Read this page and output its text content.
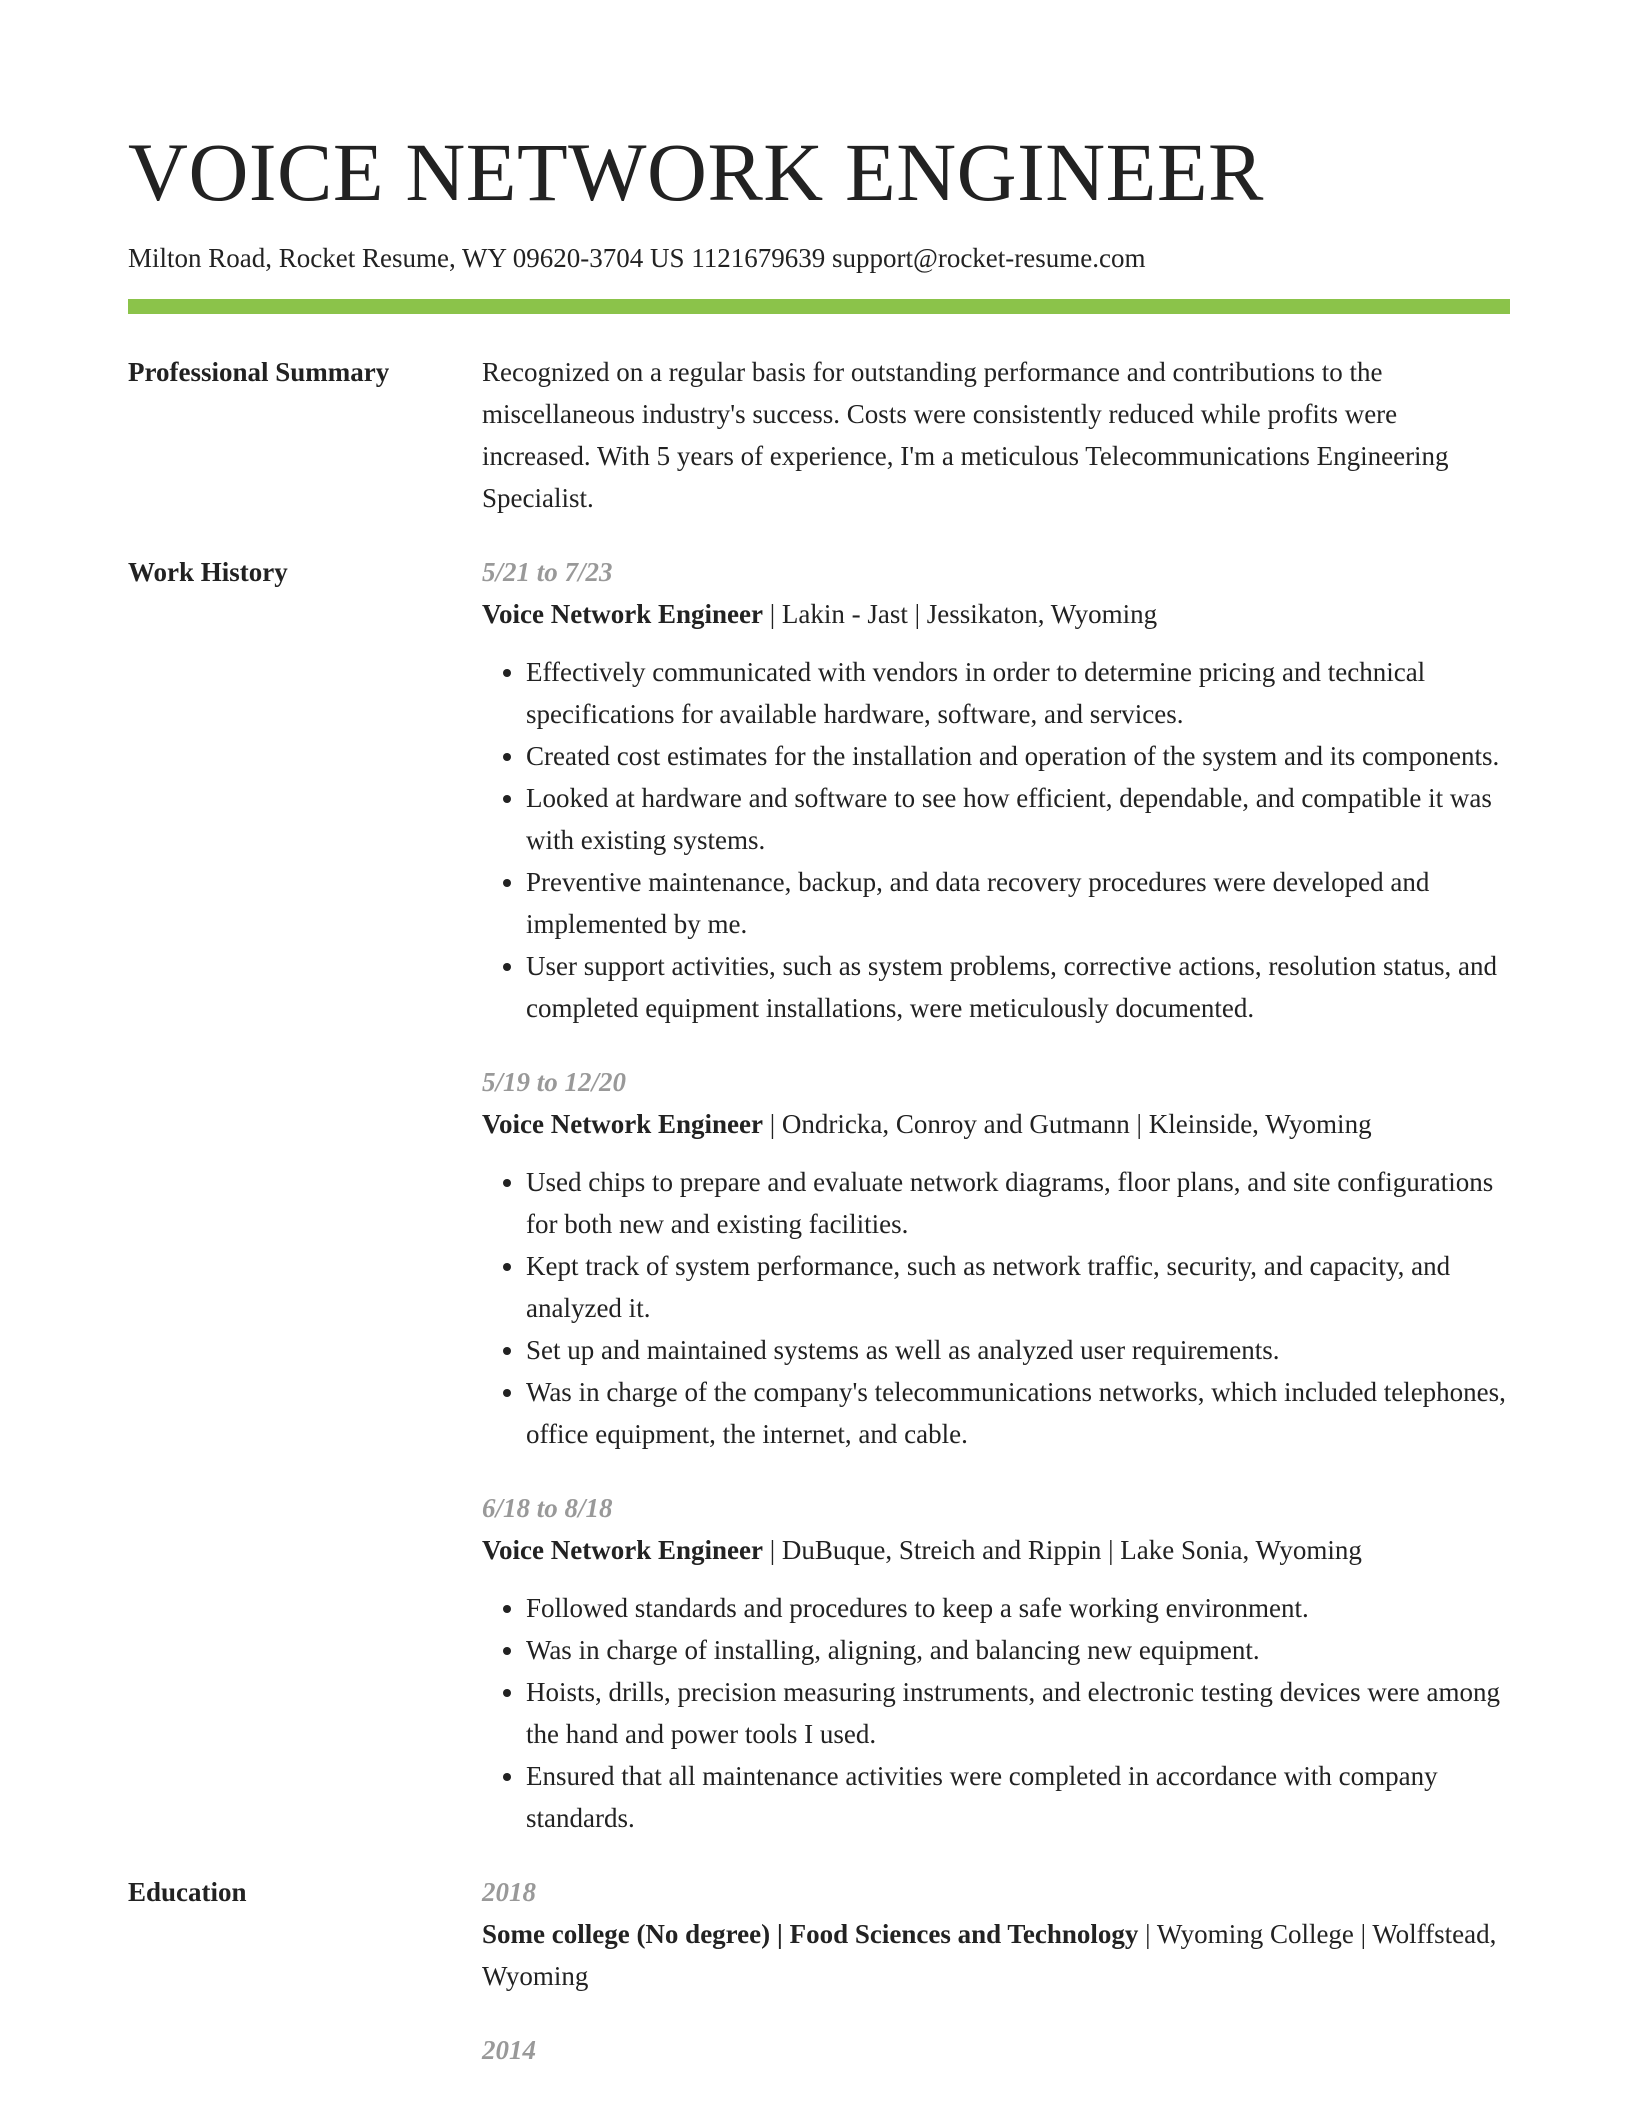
VOICE NETWORK ENGINEER
Milton Road, Rocket Resume, WY 09620-3704 US 1121679639 support@rocket-resume.com
Professional Summary	Recognized on a regular basis for outstanding performance and contributions to the miscellaneous industry's success. Costs were consistently reduced while profits were increased. With 5 years of experience, I'm a meticulous Telecommunications Engineering Specialist.

Work History	5/21 to 7/23
Voice Network Engineer | Lakin - Jast | Jessikaton, Wyoming
• Effectively communicated with vendors in order to determine pricing and technical specifications for available hardware, software, and services.
• Created cost estimates for the installation and operation of the system and its components.
• Looked at hardware and software to see how efficient, dependable, and compatible it was with existing systems.
• Preventive maintenance, backup, and data recovery procedures were developed and implemented by me.
• User support activities, such as system problems, corrective actions, resolution status, and completed equipment installations, were meticulously documented.
5/19 to 12/20
Voice Network Engineer | Ondricka, Conroy and Gutmann | Kleinside, Wyoming
• Used chips to prepare and evaluate network diagrams, floor plans, and site configurations for both new and existing facilities.
• Kept track of system performance, such as network traffic, security, and capacity, and analyzed it.
• Set up and maintained systems as well as analyzed user requirements.
• Was in charge of the company's telecommunications networks, which included telephones, office equipment, the internet, and cable.
6/18 to 8/18
Voice Network Engineer | DuBuque, Streich and Rippin | Lake Sonia, Wyoming
• Followed standards and procedures to keep a safe working environment.
• Was in charge of installing, aligning, and balancing new equipment.
• Hoists, drills, precision measuring instruments, and electronic testing devices were among the hand and power tools I used.
• Ensured that all maintenance activities were completed in accordance with company standards.
Education	2018
Some college (No degree) | Food Sciences and Technology | Wyoming College | Wolffstead, Wyoming
2014
